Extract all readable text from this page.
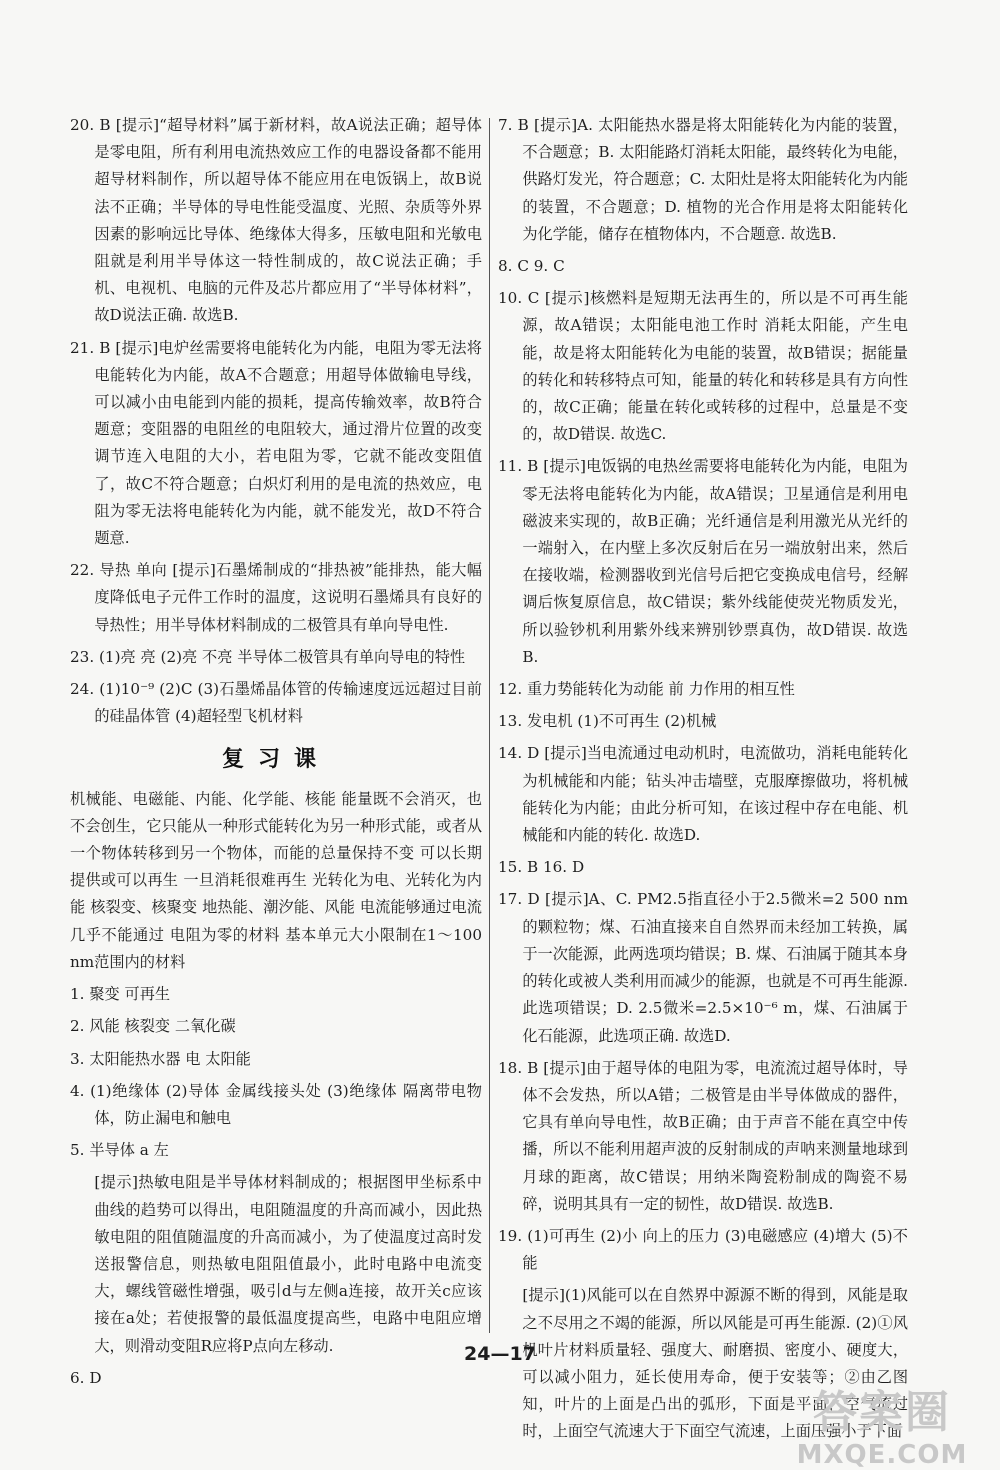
20. B [提示]“超导材料”属于新材料，故A说法正确；超导体是零电阻，所有利用电流热效应工作的电器设备都不能用超导材料制作，所以超导体不能应用在电饭锅上，故B说法不正确；半导体的导电性能受温度、光照、杂质等外界因素的影响远比导体、绝缘体大得多，压敏电阻和光敏电阻就是利用半导体这一特性制成的，故C说法正确；手机、电视机、电脑的元件及芯片都应用了“半导体材料”，故D说法正确. 故选B.

21. B [提示]电炉丝需要将电能转化为内能，电阻为零无法将电能转化为内能，故A不合题意；用超导体做输电导线，可以减小由电能到内能的损耗，提高传输效率，故B符合题意；变阻器的电阻丝的电阻较大，通过滑片位置的改变调节连入电阻的大小，若电阻为零，它就不能改变阻值了，故C不符合题意；白炽灯利用的是电流的热效应，电阻为零无法将电能转化为内能，就不能发光，故D不符合题意.

22. 导热 单向 [提示]石墨烯制成的“排热被”能排热，能大幅度降低电子元件工作时的温度，这说明石墨烯具有良好的导热性；用半导体材料制成的二极管具有单向导电性.

23. (1)亮 亮 (2)亮 不亮 半导体二极管具有单向导电的特性

24. (1)10⁻⁹ (2)C (3)石墨烯晶体管的传输速度远远超过目前的硅晶体管 (4)超轻型飞机材料

复习课

机械能、电磁能、内能、化学能、核能 能量既不会消灭，也不会创生，它只能从一种形式能转化为另一种形式能，或者从一个物体转移到另一个物体，而能的总量保持不变 可以长期提供或可以再生 一旦消耗很难再生 光转化为电、光转化为内能 核裂变、核聚变 地热能、潮汐能、风能 电流能够通过电流几乎不能通过 电阻为零的材料 基本单元大小限制在1～100 nm范围内的材料

1. 聚变 可再生

2. 风能 核裂变 二氧化碳

3. 太阳能热水器 电 太阳能

4. (1)绝缘体 (2)导体 金属线接头处 (3)绝缘体 隔离带电物体，防止漏电和触电

5. 半导体 a 左

[提示]热敏电阻是半导体材料制成的；根据图甲坐标系中曲线的趋势可以得出，电阻随温度的升高而减小，因此热敏电阻的阻值随温度的升高而减小，为了使温度过高时发送报警信息，则热敏电阻阻值最小，此时电路中电流变大，螺线管磁性增强，吸引d与左侧a连接，故开关c应该接在a处；若使报警的最低温度提高些，电路中电阻应增大，则滑动变阻R应将P点向左移动.

6. D

7. B [提示]A. 太阳能热水器是将太阳能转化为内能的装置，不合题意；B. 太阳能路灯消耗太阳能，最终转化为电能，供路灯发光，符合题意；C. 太阳灶是将太阳能转化为内能的装置，不合题意；D. 植物的光合作用是将太阳能转化为化学能，储存在植物体内，不合题意. 故选B.

8. C 9. C

10. C [提示]核燃料是短期无法再生的，所以是不可再生能源，故A错误；太阳能电池工作时 消耗太阳能，产生电能，故是将太阳能转化为电能的装置，故B错误；据能量的转化和转移特点可知，能量的转化和转移是具有方向性的，故C正确；能量在转化或转移的过程中，总量是不变的，故D错误. 故选C.

11. B [提示]电饭锅的电热丝需要将电能转化为内能，电阻为零无法将电能转化为内能，故A错误；卫星通信是利用电磁波来实现的，故B正确；光纤通信是利用激光从光纤的一端射入，在内壁上多次反射后在另一端放射出来，然后在接收端，检测器收到光信号后把它变换成电信号，经解调后恢复原信息，故C错误；紫外线能使荧光物质发光，所以验钞机利用紫外线来辨别钞票真伪，故D错误. 故选B.

12. 重力势能转化为动能 前 力作用的相互性

13. 发电机 (1)不可再生 (2)机械

14. D [提示]当电流通过电动机时，电流做功，消耗电能转化为机械能和内能；钻头冲击墙壁，克服摩擦做功，将机械能转化为内能；由此分析可知，在该过程中存在电能、机械能和内能的转化. 故选D.

15. B 16. D

17. D [提示]A、C. PM2.5指直径小于2.5微米=2 500 nm的颗粒物；煤、石油直接来自自然界而未经加工转换，属于一次能源，此两选项均错误；B. 煤、石油属于随其本身的转化或被人类利用而减少的能源，也就是不可再生能源. 此选项错误；D. 2.5微米=2.5×10⁻⁶ m，煤、石油属于化石能源，此选项正确. 故选D.

18. B [提示]由于超导体的电阻为零，电流流过超导体时，导体不会发热，所以A错；二极管是由半导体做成的器件，它具有单向导电性，故B正确；由于声音不能在真空中传播，所以不能利用超声波的反射制成的声呐来测量地球到月球的距离，故C错误；用纳米陶瓷粉制成的陶瓷不易碎，说明其具有一定的韧性，故D错误. 故选B.

19. (1)可再生 (2)小 向上的压力 (3)电磁感应 (4)增大 (5)不能

[提示](1)风能可以在自然界中源源不断的得到，风能是取之不尽用之不竭的能源，所以风能是可再生能源. (2)①风机叶片材料质量轻、强度大、耐磨损、密度小、硬度大，可以减小阻力，延长使用寿命，便于安装等；②由乙图知，叶片的上面是凸出的弧形，下面是平面，空气流过时，上面空气流速大于下面空气流速，上面压强小于下面

24—17
答案圈
MXQE.COM
